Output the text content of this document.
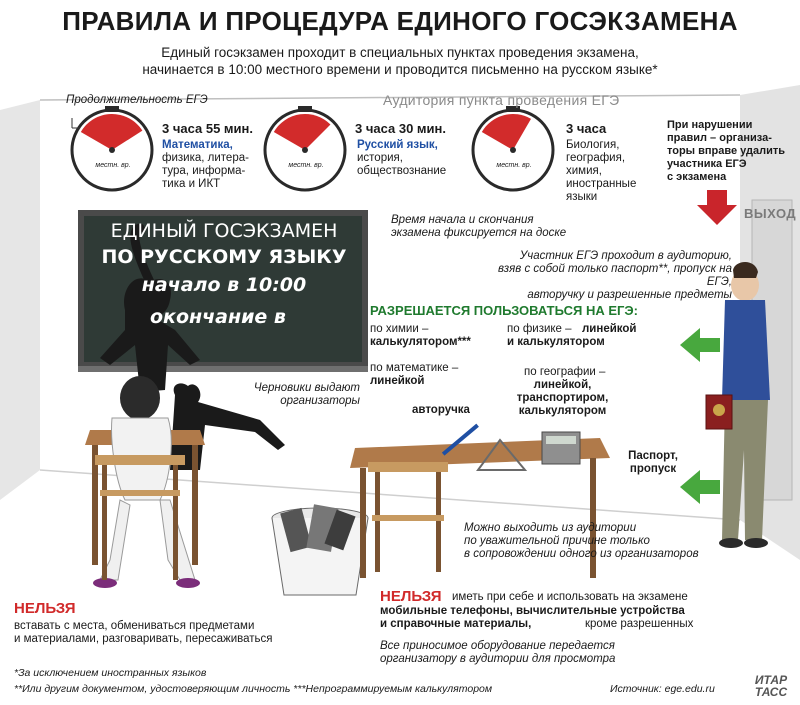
ПРАВИЛА И ПРОЦЕДУРА ЕДИНОГО ГОСЭКЗАМЕНА
Единый госэкзамен проходит в специальных пунктах проведения экзамена,
начинается в 10:00 местного времени и проводится письменно на русском языке*
Продолжительность ЕГЭ	Аудитория пункта проведения ЕГЭ
3 часа 55 мин.
Математика,
физика, литера-
тура, информа-
тика и ИКТ
3 часа 30 мин.
Русский язык,
история,
обществознание
3 часа
Биология,
география,
химия,
иностранные
языки
местн. вр.	местн. вр.	местн. вр.
При нарушении
правил – организа-
торы вправе удалить
участника ЕГЭ
с экзамена
ВЫХОД
ЕДИНЫЙ ГОСЭКЗАМЕН
ПО РУССКОМУ ЯЗЫКУ
начало в 10:00
окончание в
Время начала и скончания
экзамена фиксируется на доске
Участник ЕГЭ проходит в аудиторию,
взяв с собой только паспорт**, пропуск на ЕГЭ,
авторучку и разрешенные предметы
РАЗРЕШАЕТСЯ ПОЛЬЗОВАТЬСЯ НА ЕГЭ:
по химии –
калькулятором***
по физике – линейкой
и калькулятором
по математике –
линейкой
по географии –
линейкой,
транспортиром,
калькулятором
авторучка
Черновики выдают
организаторы
Паспорт,
пропуск
Можно выходить из аудитории
по уважительной причине только
в сопровождении одного из организаторов
НЕЛЬЗЯ
вставать с места, обмениваться предметами
и материалами, разговаривать, пересаживаться
НЕЛЬЗЯ иметь при себе и использовать на экзамене
мобильные телефоны, вычислительные устройства
и справочные материалы,	кроме разрешенных
Все приносимое оборудование передается
организатору в аудитории для просмотра
*За исключением иностранных языков
**Или другим документом, удостоверяющим личность ***Непрограммируемым калькулятором	Источник: ege.edu.ru
ИТАР
ТАСС
